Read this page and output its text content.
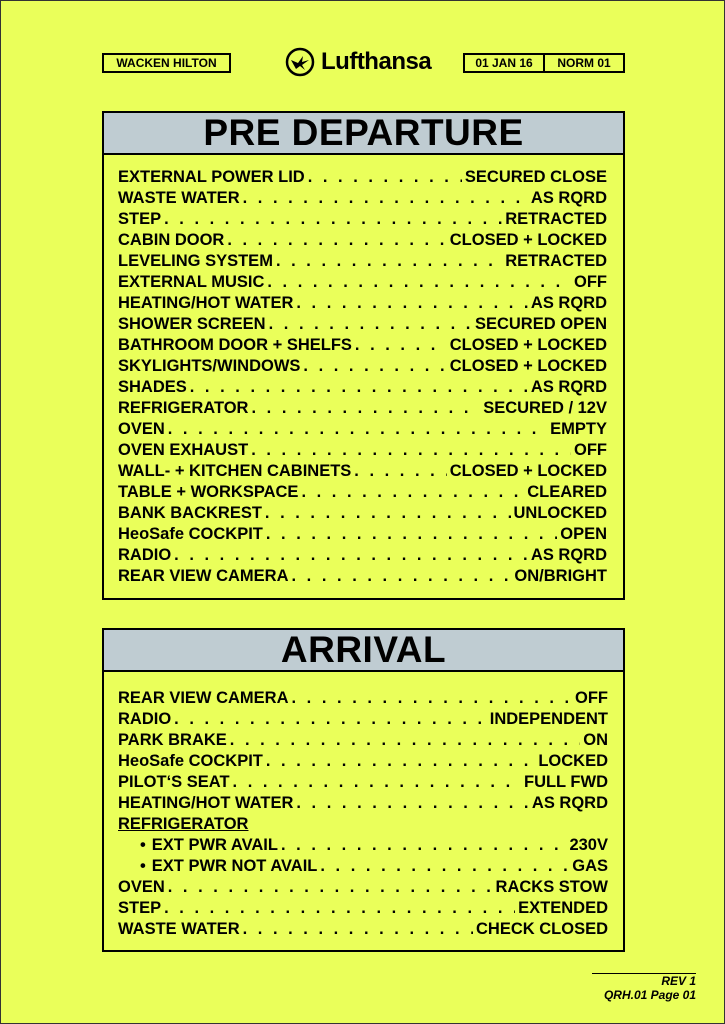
WACKEN HILTON	Lufthansa	01 JAN 16	NORM 01
PRE DEPARTURE
EXTERNAL POWER LID . . .	SECURED CLOSE
WASTE WATER . . .	AS RQRD
STEP . . .	RETRACTED
CABIN DOOR . . .	CLOSED + LOCKED
LEVELING SYSTEM . . .	RETRACTED
EXTERNAL MUSIC . . .	OFF
HEATING/HOT WATER . . .	AS RQRD
SHOWER SCREEN . . .	SECURED OPEN
BATHROOM DOOR + SHELFS . . .	CLOSED + LOCKED
SKYLIGHTS/WINDOWS . . .	CLOSED + LOCKED
SHADES . . .	AS RQRD
REFRIGERATOR . . .	SECURED / 12V
OVEN . . .	EMPTY
OVEN EXHAUST . . .	OFF
WALL- + KITCHEN CABINETS . . .	CLOSED + LOCKED
TABLE + WORKSPACE . . .	CLEARED
BANK BACKREST . . .	UNLOCKED
HeoSafe COCKPIT . . .	OPEN
RADIO . . .	AS RQRD
REAR VIEW CAMERA . . .	ON/BRIGHT
ARRIVAL
REAR VIEW CAMERA . . .	OFF
RADIO . . .	INDEPENDENT
PARK BRAKE . . .	ON
HeoSafe COCKPIT . . .	LOCKED
PILOT‘S SEAT . . .	FULL FWD
HEATING/HOT WATER . . .	AS RQRD
REFRIGERATOR
• EXT PWR AVAIL . . .	230V
• EXT PWR NOT AVAIL . . .	GAS
OVEN . . .	RACKS STOW
STEP . . .	EXTENDED
WASTE WATER . . .	CHECK CLOSED
REV 1
QRH.01 Page 01
